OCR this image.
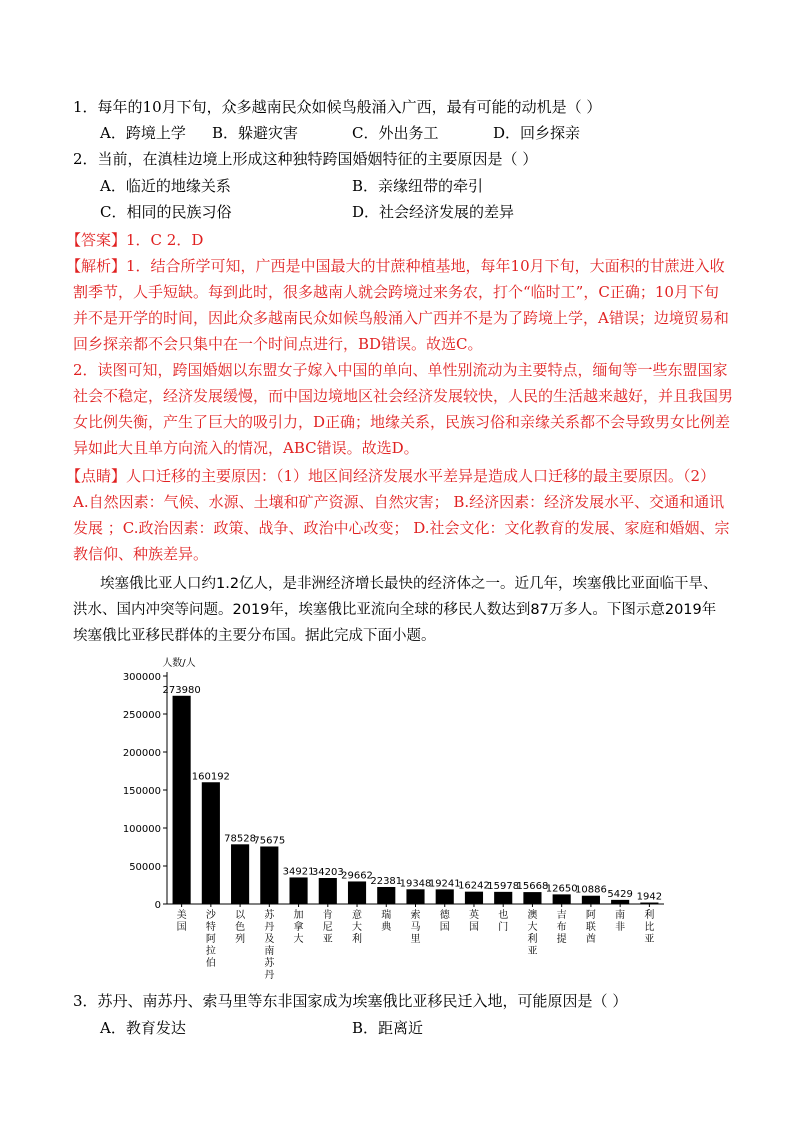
1．每年的10月下旬，众多越南民众如候鸟般涌入广西，最有可能的动机是（ ）
A．跨境上学 B．躲避灾害	C．外出务工	D．回乡探亲
2．当前，在滇桂边境上形成这种独特跨国婚姻特征的主要原因是（ ）
A．临近的地缘关系	B．亲缘纽带的牵引
C．相同的民族习俗	D．社会经济发展的差异
【答案】1．C 2．D
【解析】1．结合所学可知，广西是中国最大的甘蔗种植基地，每年10月下旬，大面积的甘蔗进入收
割季节，人手短缺。每到此时，很多越南人就会跨境过来务农，打个“临时工”，C正确；10月下旬
并不是开学的时间，因此众多越南民众如候鸟般涌入广西并不是为了跨境上学，A错误；边境贸易和
回乡探亲都不会只集中在一个时间点进行，BD错误。故选C。
2．读图可知，跨国婚姻以东盟女子嫁入中国的单向、单性别流动为主要特点，缅甸等一些东盟国家
社会不稳定，经济发展缓慢，而中国边境地区社会经济发展较快，人民的生活越来越好，并且我国男
女比例失衡，产生了巨大的吸引力，D正确；地缘关系，民族习俗和亲缘关系都不会导致男女比例差
异如此大且单方向流入的情况，ABC错误。故选D。
【点睛】人口迁移的主要原因：（1）地区间经济发展水平差异是造成人口迁移的最主要原因。（2）
A.自然因素：气候、水源、土壤和矿产资源、自然灾害； B.经济因素：经济发展水平、交通和通讯
发展 ；C.政治因素：政策、战争、政治中心改变； D.社会文化：文化教育的发展、家庭和婚姻、宗
教信仰、种族差异。
埃塞俄比亚人口约1.2亿人，是非洲经济增长最快的经济体之一。近几年，埃塞俄比亚面临干旱、
洪水、国内冲突等问题。2019年，埃塞俄比亚流向全球的移民人数达到87万多人。下图示意2019年
埃塞俄比亚移民群体的主要分布国。据此完成下面小题。
人数/人
0
50000
100000
150000
200000
250000
300000
273980
美国
160192
沙特阿拉伯
78528
以色列
75675
苏丹及南苏丹
34921
加拿大
34203
肯尼亚
29662
意大利
22381
瑞典
19348
索马里
19241
德国
16242
英国
15978
也门
15668
澳大利亚
12650
吉布提
10886
阿联酋
5429
南非
1942
利比亚
3．苏丹、南苏丹、索马里等东非国家成为埃塞俄比亚移民迁入地，可能原因是（ ）
A．教育发达	B．距离近
